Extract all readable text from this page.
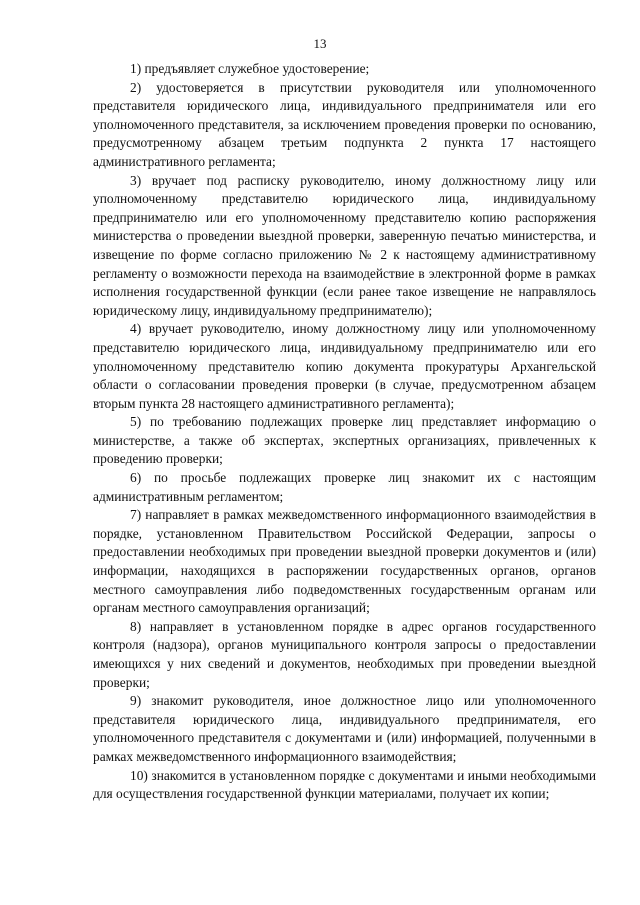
13

1) предъявляет служебное удостоверение;

2) удостоверяется в присутствии руководителя или уполномоченного представителя юридического лица, индивидуального предпринимателя или его уполномоченного представителя, за исключением проведения проверки по основанию, предусмотренному абзацем третьим подпункта 2 пункта 17 настоящего административного регламента;

3) вручает под расписку руководителю, иному должностному лицу или уполномоченному представителю юридического лица, индивидуальному предпринимателю или его уполномоченному представителю копию распоряжения министерства о проведении выездной проверки, заверенную печатью министерства, и извещение по форме согласно приложению № 2 к настоящему административному регламенту о возможности перехода на взаимодействие в электронной форме в рамках исполнения государственной функции (если ранее такое извещение не направлялось юридическому лицу, индивидуальному предпринимателю);

4) вручает руководителю, иному должностному лицу или уполномоченному представителю юридического лица, индивидуальному предпринимателю или его уполномоченному представителю копию документа прокуратуры Архангельской области о согласовании проведения проверки (в случае, предусмотренном абзацем вторым пункта 28 настоящего административного регламента);

5) по требованию подлежащих проверке лиц представляет информацию о министерстве, а также об экспертах, экспертных организациях, привлеченных к проведению проверки;

6) по просьбе подлежащих проверке лиц знакомит их с настоящим административным регламентом;

7) направляет в рамках межведомственного информационного взаимодействия в порядке, установленном Правительством Российской Федерации, запросы о предоставлении необходимых при проведении выездной проверки документов и (или) информации, находящихся в распоряжении государственных органов, органов местного самоуправления либо подведомственных государственным органам или органам местного самоуправления организаций;

8) направляет в установленном порядке в адрес органов государственного контроля (надзора), органов муниципального контроля запросы о предоставлении имеющихся у них сведений и документов, необходимых при проведении выездной проверки;

9) знакомит руководителя, иное должностное лицо или уполномоченного представителя юридического лица, индивидуального предпринимателя, его уполномоченного представителя с документами и (или) информацией, полученными в рамках межведомственного информационного взаимодействия;

10) знакомится в установленном порядке с документами и иными необходимыми для осуществления государственной функции материалами, получает их копии;
